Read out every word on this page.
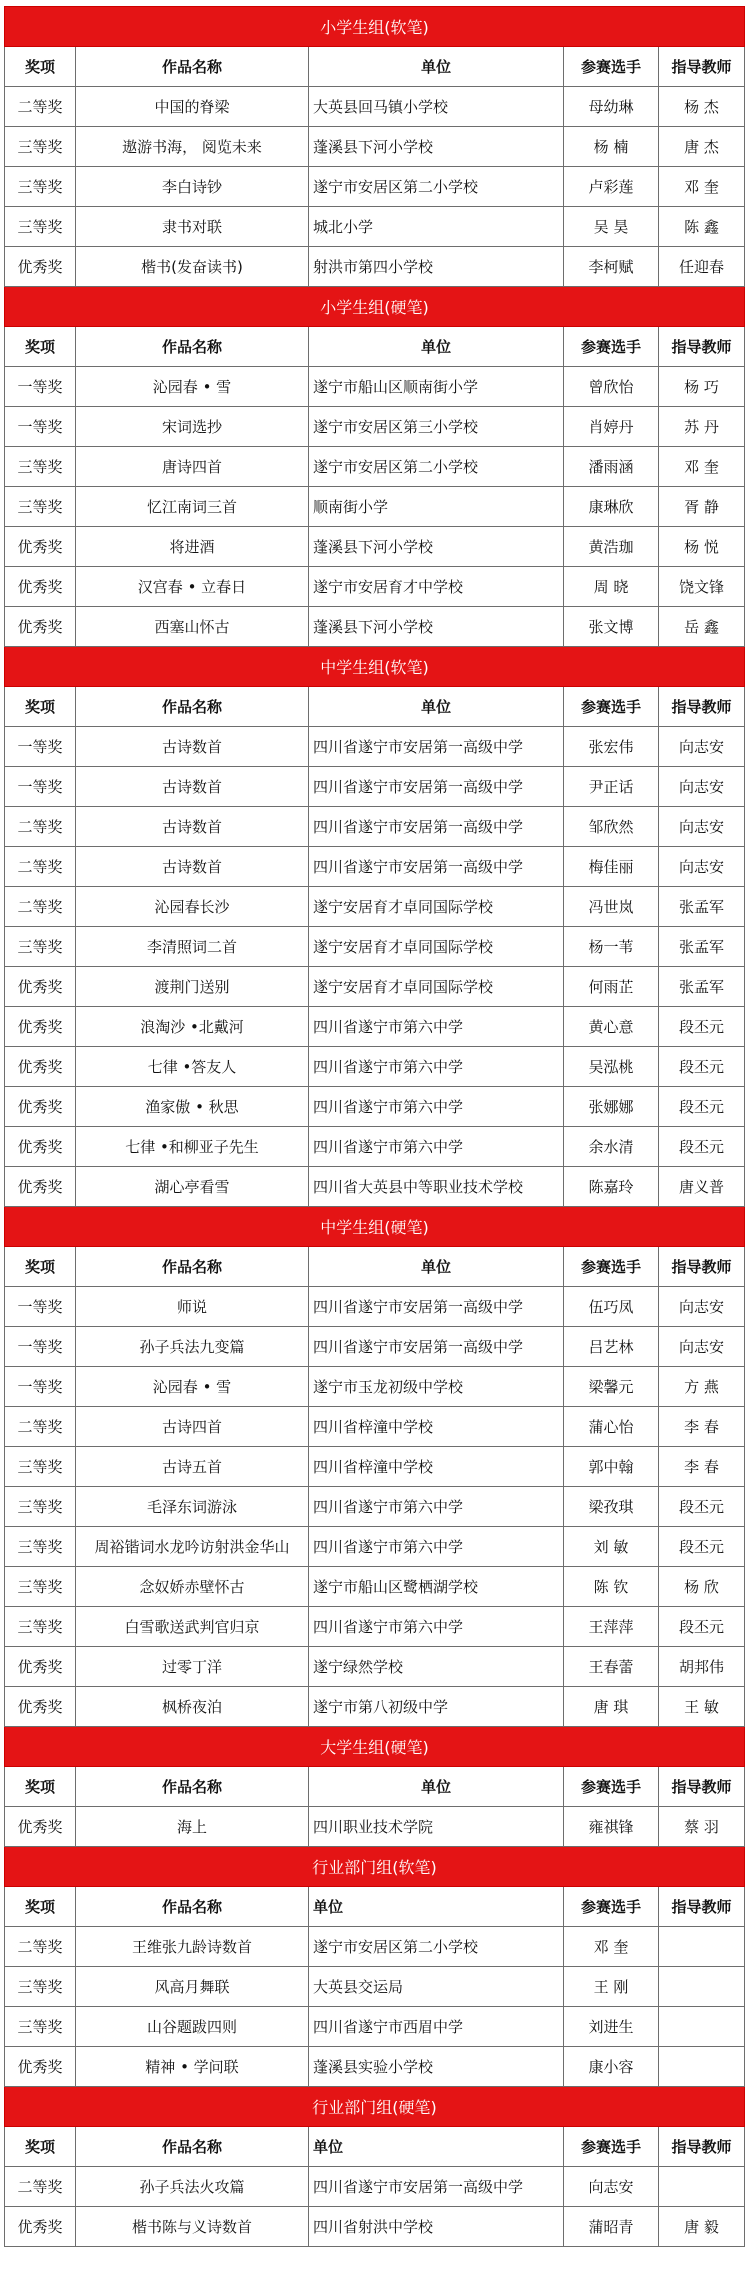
小学生组(软笔)				
奖项	作品名称	单位	参赛选手	指导教师
二等奖	中国的脊梁	大英县回马镇小学校	母幼琳	杨 杰
三等奖	遨游书海， 阅览未来	蓬溪县下河小学校	杨 楠	唐 杰
三等奖	李白诗钞	遂宁市安居区第二小学校	卢彩莲	邓 奎
三等奖	隶书对联	城北小学	吴 昊	陈 鑫
优秀奖	楷书(发奋读书)	射洪市第四小学校	李柯赋	任迎春
小学生组(硬笔)				
奖项	作品名称	单位	参赛选手	指导教师
一等奖	沁园春 • 雪	遂宁市船山区顺南街小学	曾欣怡	杨 巧
一等奖	宋词选抄	遂宁市安居区第三小学校	肖婷丹	苏 丹
三等奖	唐诗四首	遂宁市安居区第二小学校	潘雨涵	邓 奎
三等奖	忆江南词三首	顺南街小学	康琳欣	胥 静
优秀奖	将进酒	蓬溪县下河小学校	黄浩珈	杨 悦
优秀奖	汉宫春 • 立春日	遂宁市安居育才中学校	周 晓	饶文锋
优秀奖	西塞山怀古	蓬溪县下河小学校	张文博	岳 鑫
中学生组(软笔)				
奖项	作品名称	单位	参赛选手	指导教师
一等奖	古诗数首	四川省遂宁市安居第一高级中学	张宏伟	向志安
一等奖	古诗数首	四川省遂宁市安居第一高级中学	尹正话	向志安
二等奖	古诗数首	四川省遂宁市安居第一高级中学	邹欣然	向志安
二等奖	古诗数首	四川省遂宁市安居第一高级中学	梅佳丽	向志安
二等奖	沁园春长沙	遂宁安居育才卓同国际学校	冯世岚	张孟军
三等奖	李清照词二首	遂宁安居育才卓同国际学校	杨一苇	张孟军
优秀奖	渡荆门送别	遂宁安居育才卓同国际学校	何雨芷	张孟军
优秀奖	浪淘沙 •北戴河	四川省遂宁市第六中学	黄心意	段丕元
优秀奖	七律 •答友人	四川省遂宁市第六中学	吴泓桃	段丕元
优秀奖	渔家傲 • 秋思	四川省遂宁市第六中学	张娜娜	段丕元
优秀奖	七律 •和柳亚子先生	四川省遂宁市第六中学	余水清	段丕元
优秀奖	湖心亭看雪	四川省大英县中等职业技术学校	陈嘉玲	唐义普
中学生组(硬笔)				
奖项	作品名称	单位	参赛选手	指导教师
一等奖	师说	四川省遂宁市安居第一高级中学	伍巧凤	向志安
一等奖	孙子兵法九变篇	四川省遂宁市安居第一高级中学	吕艺林	向志安
一等奖	沁园春 • 雪	遂宁市玉龙初级中学校	梁馨元	方 燕
二等奖	古诗四首	四川省梓潼中学校	蒲心怡	李 春
三等奖	古诗五首	四川省梓潼中学校	郭中翰	李 春
三等奖	毛泽东词游泳	四川省遂宁市第六中学	梁孜琪	段丕元
三等奖	周裕锴词水龙吟访射洪金华山	四川省遂宁市第六中学	刘 敏	段丕元
三等奖	念奴娇赤壁怀古	遂宁市船山区鹭栖湖学校	陈 钦	杨 欣
三等奖	白雪歌送武判官归京	四川省遂宁市第六中学	王萍萍	段丕元
优秀奖	过零丁洋	遂宁绿然学校	王春蕾	胡邦伟
优秀奖	枫桥夜泊	遂宁市第八初级中学	唐 琪	王 敏
大学生组(硬笔)				
奖项	作品名称	单位	参赛选手	指导教师
优秀奖	海上	四川职业技术学院	雍祺锋	蔡 羽
行业部门组(软笔)				
奖项	作品名称	单位	参赛选手	指导教师
二等奖	王维张九龄诗数首	遂宁市安居区第二小学校	邓 奎	
三等奖	风高月舞联	大英县交运局	王 刚	
三等奖	山谷题跋四则	四川省遂宁市西眉中学	刘进生	
优秀奖	精神 • 学问联	蓬溪县实验小学校	康小容	
行业部门组(硬笔)				
奖项	作品名称	单位	参赛选手	指导教师
二等奖	孙子兵法火攻篇	四川省遂宁市安居第一高级中学	向志安	
优秀奖	楷书陈与义诗数首	四川省射洪中学校	蒲昭青	唐 毅
